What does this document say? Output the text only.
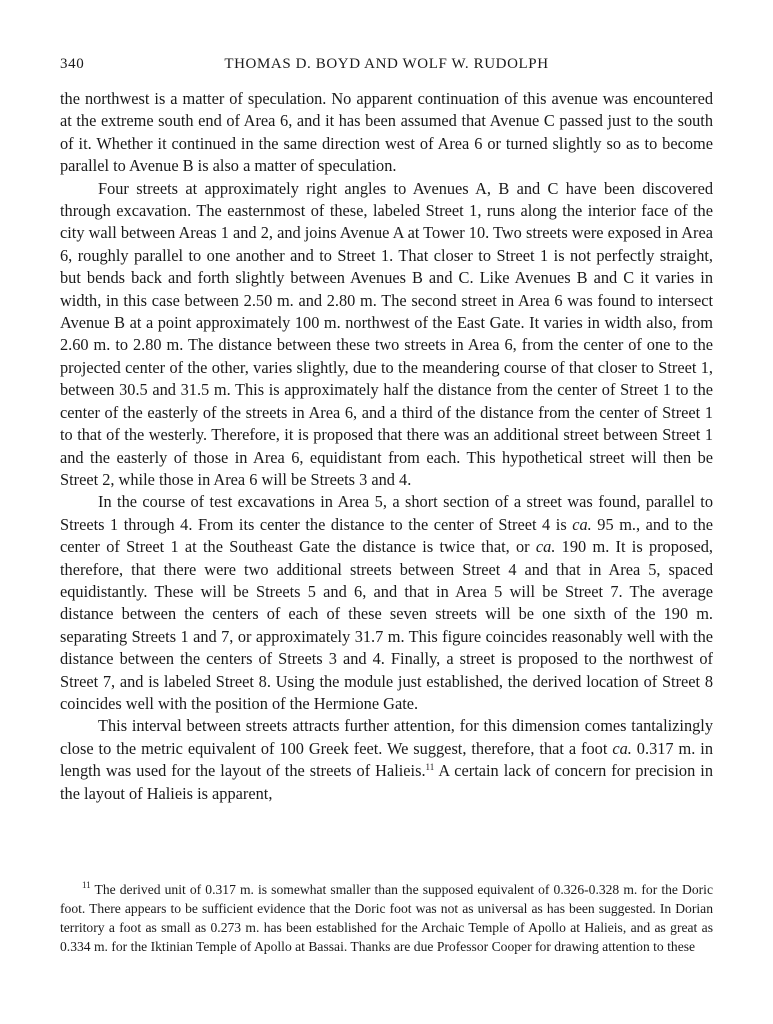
340	THOMAS D. BOYD AND WOLF W. RUDOLPH

the northwest is a matter of speculation. No apparent continuation of this avenue was encountered at the extreme south end of Area 6, and it has been assumed that Avenue C passed just to the south of it. Whether it continued in the same direction west of Area 6 or turned slightly so as to become parallel to Avenue B is also a matter of speculation.

Four streets at approximately right angles to Avenues A, B and C have been discovered through excavation. The easternmost of these, labeled Street 1, runs along the interior face of the city wall between Areas 1 and 2, and joins Avenue A at Tower 10. Two streets were exposed in Area 6, roughly parallel to one another and to Street 1. That closer to Street 1 is not perfectly straight, but bends back and forth slightly between Avenues B and C. Like Avenues B and C it varies in width, in this case between 2.50 m. and 2.80 m. The second street in Area 6 was found to intersect Avenue B at a point approximately 100 m. northwest of the East Gate. It varies in width also, from 2.60 m. to 2.80 m. The distance between these two streets in Area 6, from the center of one to the projected center of the other, varies slightly, due to the meandering course of that closer to Street 1, between 30.5 and 31.5 m. This is approximately half the distance from the center of Street 1 to the center of the easterly of the streets in Area 6, and a third of the distance from the center of Street 1 to that of the westerly. Therefore, it is proposed that there was an additional street between Street 1 and the easterly of those in Area 6, equidistant from each. This hypothetical street will then be Street 2, while those in Area 6 will be Streets 3 and 4.

In the course of test excavations in Area 5, a short section of a street was found, parallel to Streets 1 through 4. From its center the distance to the center of Street 4 is ca. 95 m., and to the center of Street 1 at the Southeast Gate the distance is twice that, or ca. 190 m. It is proposed, therefore, that there were two additional streets between Street 4 and that in Area 5, spaced equidistantly. These will be Streets 5 and 6, and that in Area 5 will be Street 7. The average distance between the centers of each of these seven streets will be one sixth of the 190 m. separating Streets 1 and 7, or approximately 31.7 m. This figure coincides reasonably well with the distance between the centers of Streets 3 and 4. Finally, a street is proposed to the northwest of Street 7, and is labeled Street 8. Using the module just established, the derived location of Street 8 coincides well with the position of the Hermione Gate.

This interval between streets attracts further attention, for this dimension comes tantalizingly close to the metric equivalent of 100 Greek feet. We suggest, therefore, that a foot ca. 0.317 m. in length was used for the layout of the streets of Halieis.$^{11}$ A certain lack of concern for precision in the layout of Halieis is apparent,

$^{11}$ The derived unit of 0.317 m. is somewhat smaller than the supposed equivalent of 0.326-0.328 m. for the Doric foot. There appears to be sufficient evidence that the Doric foot was not as universal as has been suggested. In Dorian territory a foot as small as 0.273 m. has been established for the Archaic Temple of Apollo at Halieis, and as great as 0.334 m. for the Iktinian Temple of Apollo at Bassai. Thanks are due Professor Cooper for drawing attention to these
